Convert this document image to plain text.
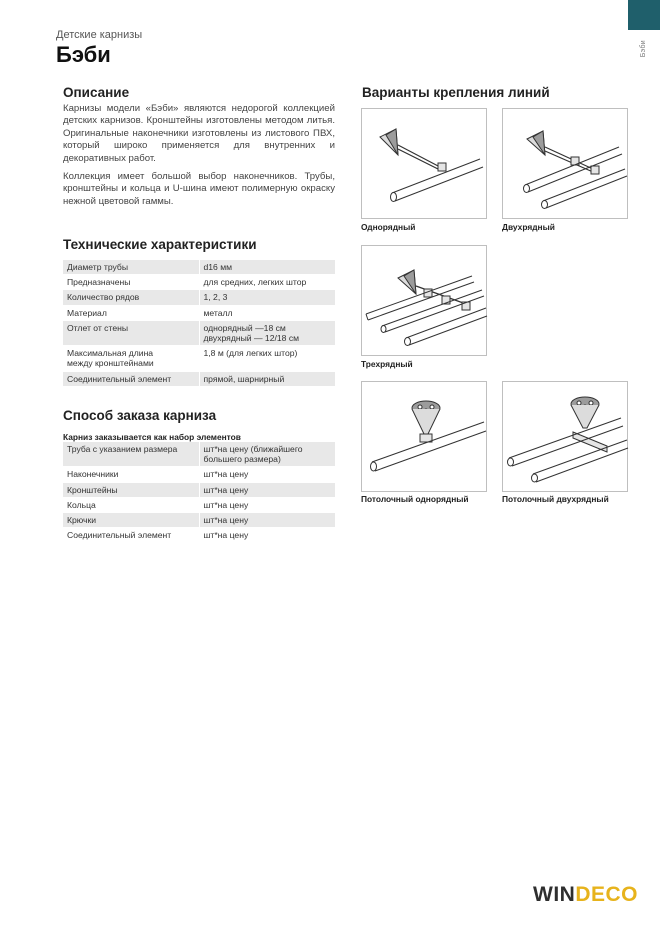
Бэби
Детские карнизы
Бэби
Описание

Карнизы модели «Бэби» являются недорогой коллекцией детских карнизов. Кронштейны изготовлены методом литья. Оригинальные наконечники изготовлены из листового ПВХ, который широко применяется для внутренних и декоративных работ.

Коллекция имеет большой выбор наконечников. Трубы, кронштейны и кольца и U-шина имеют полимерную окраску нежной цветовой гаммы.

Технические характеристики
Диаметр трубы	d16 мм
Предназначены	для средних, легких штор
Количество рядов	1, 2, 3
Материал	металл
Отлет от стены	однорядный —18 см
двухрядный — 12/18 см
Максимальная длина
между кронштейнами	1,8 м (для легких штор)
Соединительный элемент	прямой, шарнирный
Способ заказа карниза
Карниз заказывается как набор элементов
Труба с указанием размера	шт*на цену (ближайшего
большего размера)
Наконечники	шт*на цену
Кронштейны	шт*на цену
Кольца	шт*на цену
Крючки	шт*на цену
Соединительный элемент	шт*на цену
Варианты крепления линий
Однорядный	Двухрядный
Трехрядный
Потолочный однорядный	Потолочный двухрядный
WINDECO
